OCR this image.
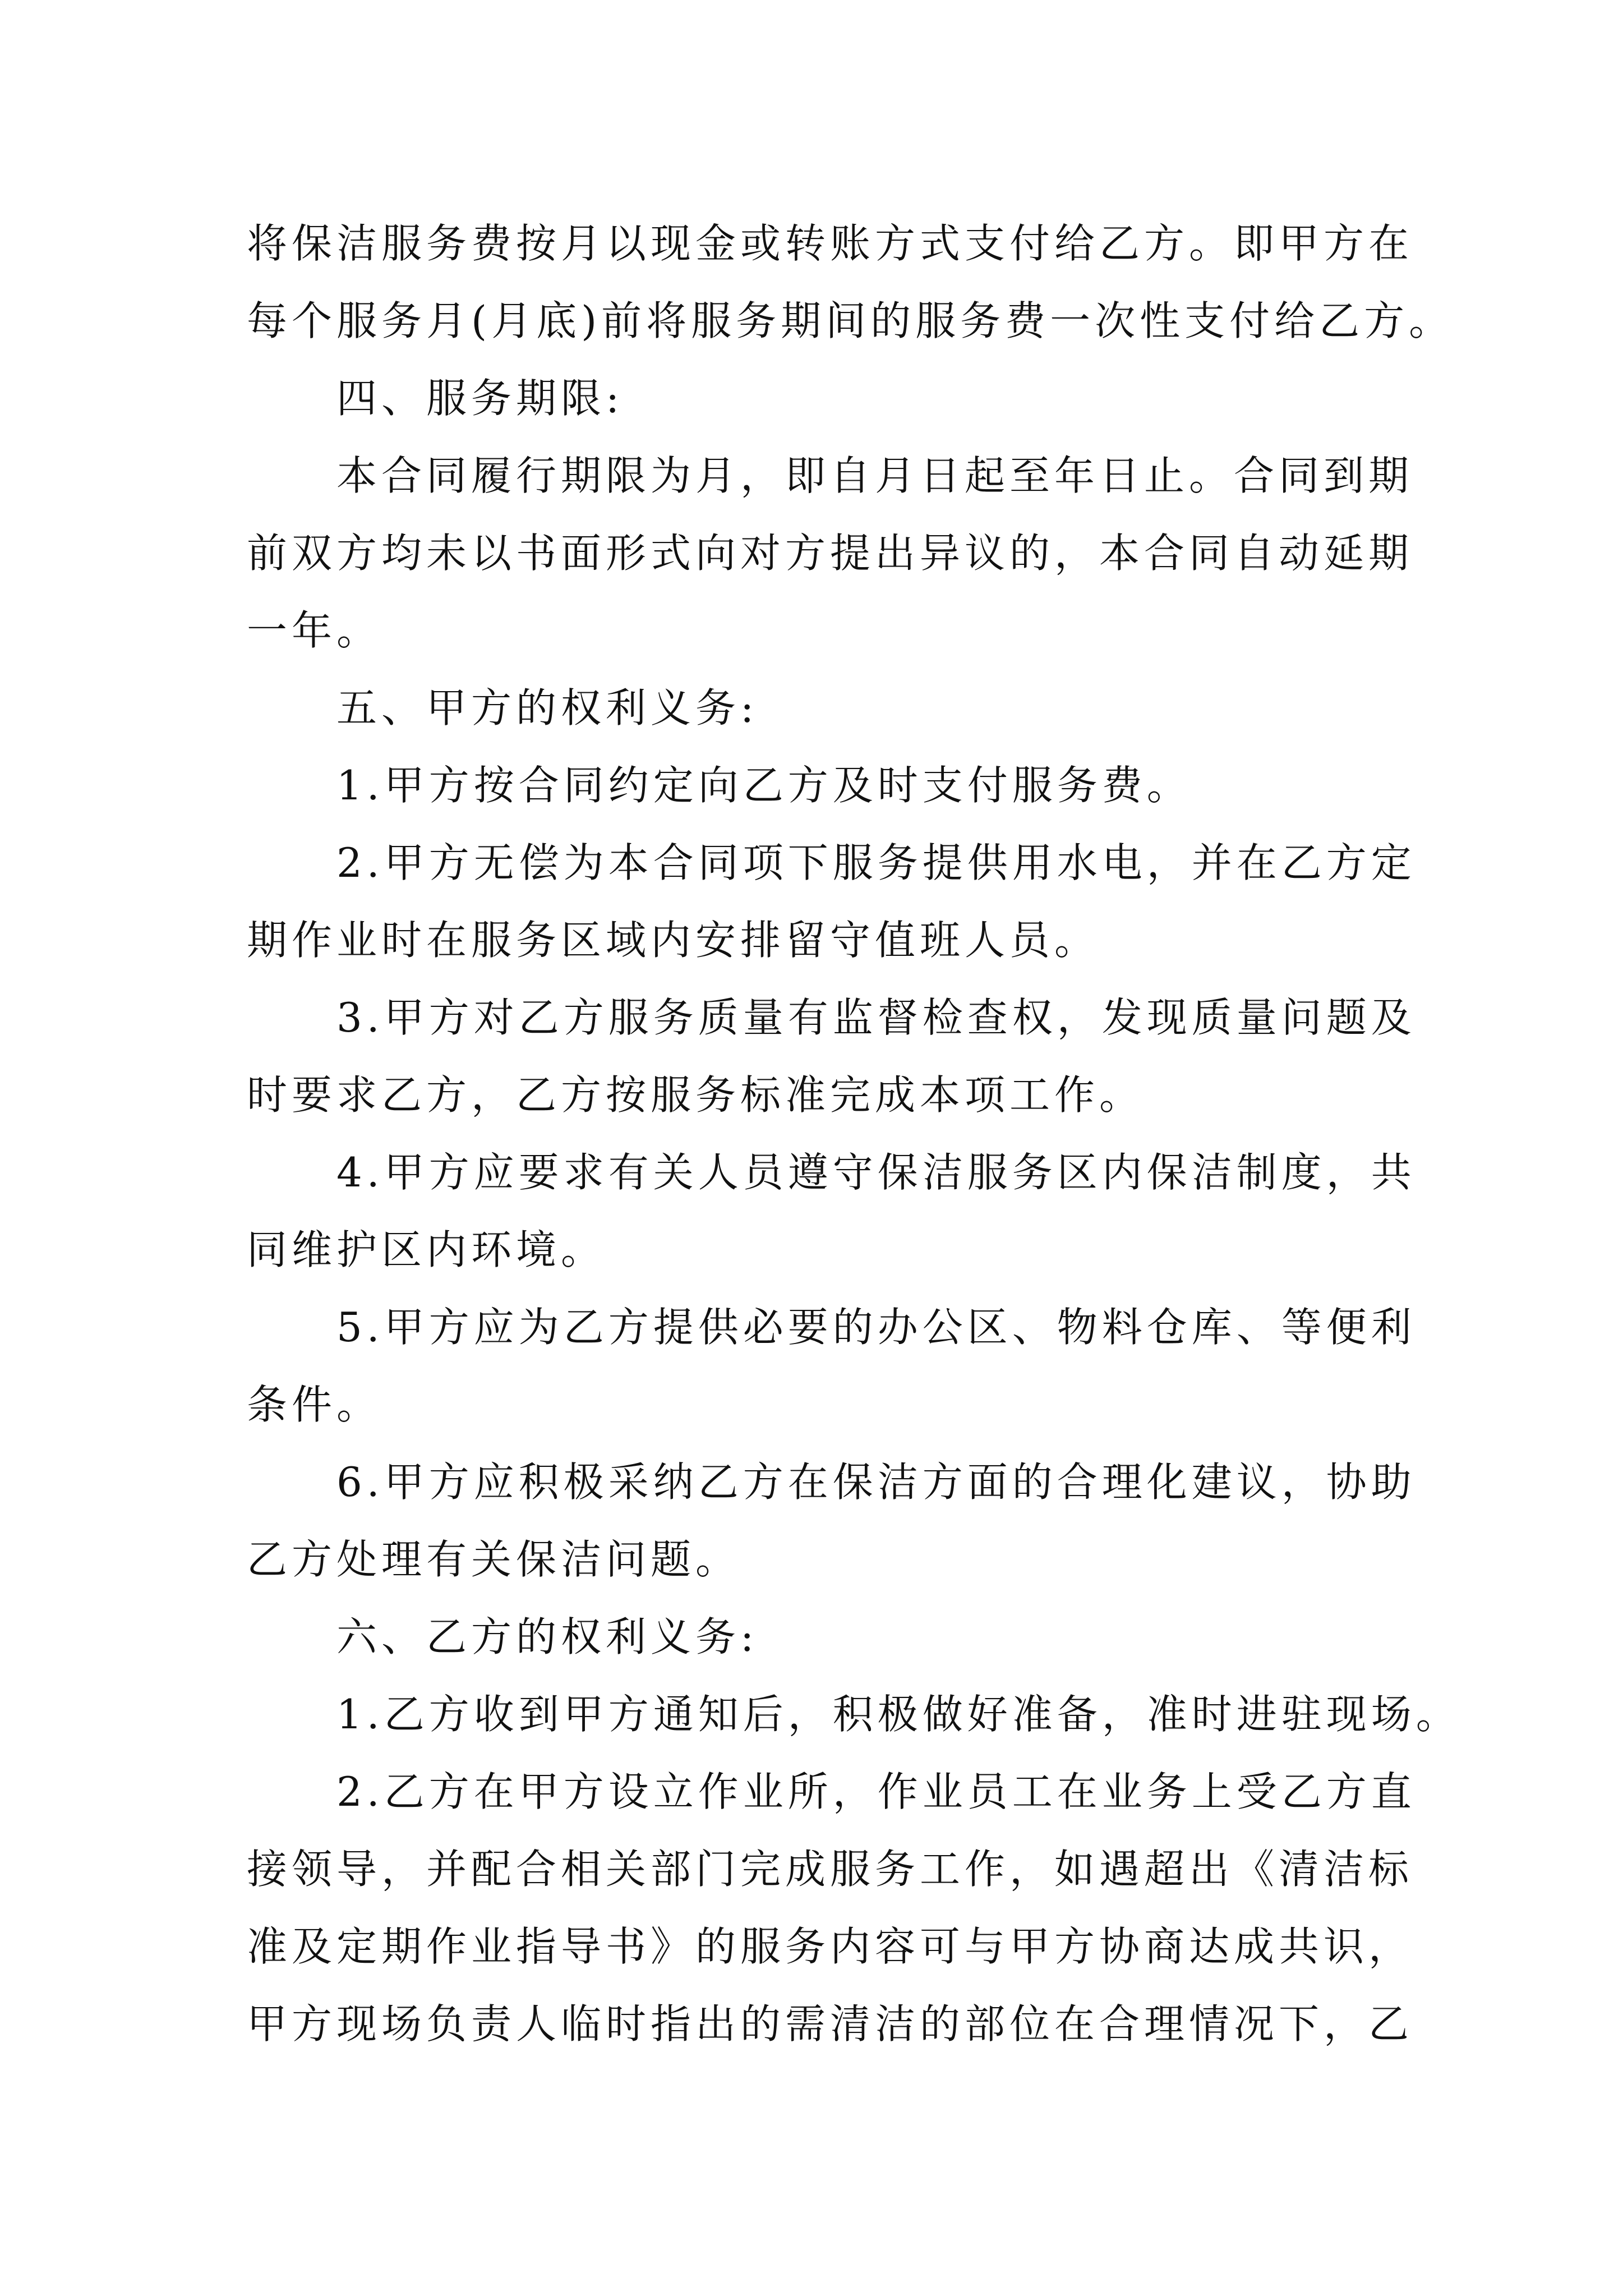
将保洁服务费按月以现金或转账方式支付给乙方。即甲方在
每个服务月(月底)前将服务期间的服务费一次性支付给乙方。
四、服务期限:
本合同履行期限为月，即自月日起至年日止。合同到期
前双方均未以书面形式向对方提出异议的，本合同自动延期
一年。
五、甲方的权利义务:
1.甲方按合同约定向乙方及时支付服务费。
2.甲方无偿为本合同项下服务提供用水电，并在乙方定
期作业时在服务区域内安排留守值班人员。
3.甲方对乙方服务质量有监督检查权，发现质量问题及
时要求乙方，乙方按服务标准完成本项工作。
4.甲方应要求有关人员遵守保洁服务区内保洁制度，共
同维护区内环境。
5.甲方应为乙方提供必要的办公区、物料仓库、等便利
条件。
6.甲方应积极采纳乙方在保洁方面的合理化建议，协助
乙方处理有关保洁问题。
六、乙方的权利义务:
1.乙方收到甲方通知后，积极做好准备，准时进驻现场。
2.乙方在甲方设立作业所，作业员工在业务上受乙方直
接领导，并配合相关部门完成服务工作，如遇超出《清洁标
准及定期作业指导书》的服务内容可与甲方协商达成共识，
甲方现场负责人临时指出的需清洁的部位在合理情况下，乙
